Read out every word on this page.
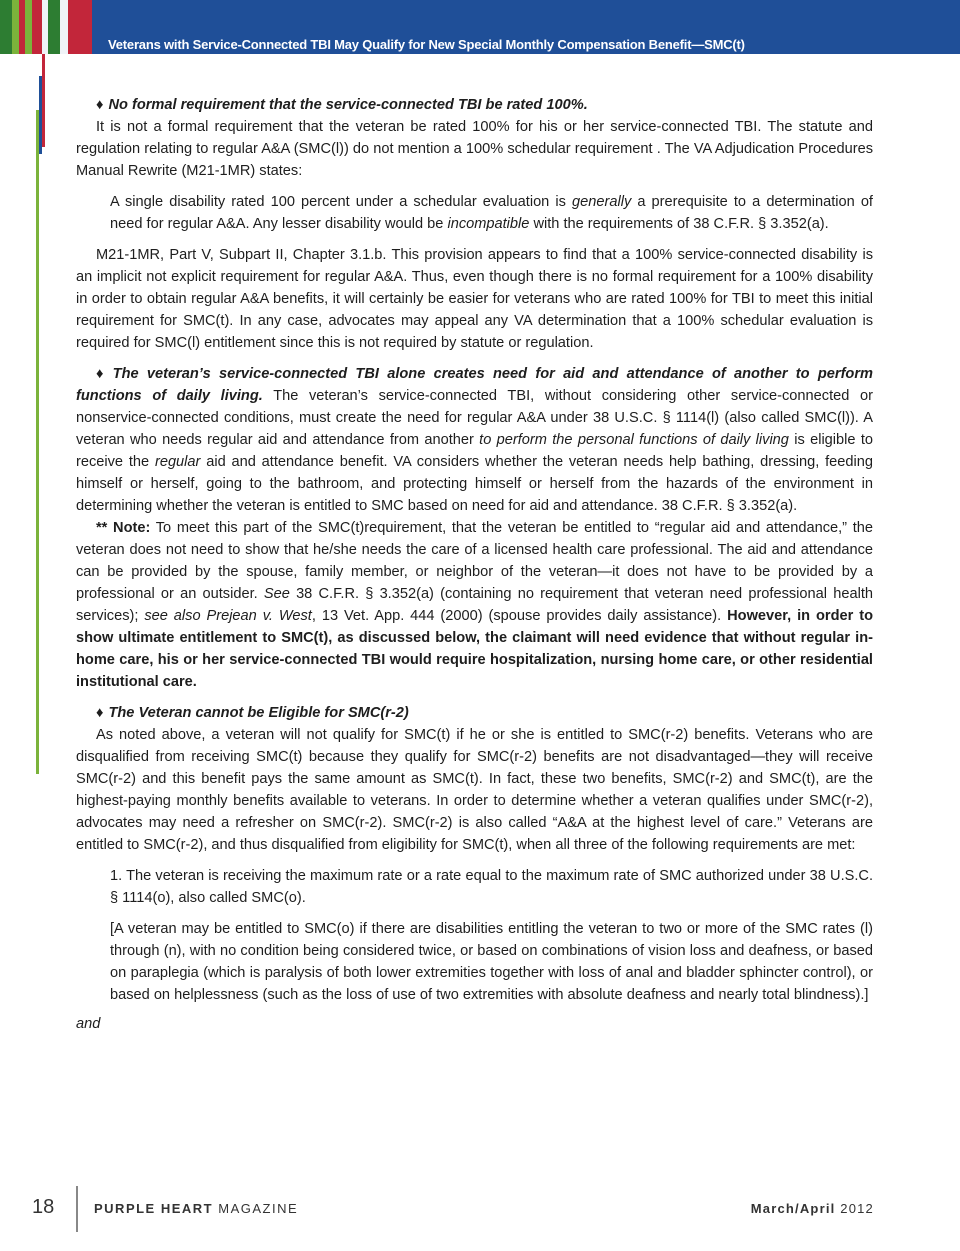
Veterans with Service-Connected TBI May Qualify for New Special Monthly Compensation Benefit—SMC(t)

♦ No formal requirement that the service-connected TBI be rated 100%.

It is not a formal requirement that the veteran be rated 100% for his or her service-connected TBI. The statute and regulation relating to regular A&A (SMC(l)) do not mention a 100% schedular requirement . The VA Adjudication Procedures Manual Rewrite (M21-1MR) states:

A single disability rated 100 percent under a schedular evaluation is generally a prerequisite to a determination of need for regular A&A. Any lesser disability would be incompatible with the requirements of 38 C.F.R. § 3.352(a).

M21-1MR, Part V, Subpart II, Chapter 3.1.b. This provision appears to find that a 100% service-connected disability is an implicit not explicit requirement for regular A&A. Thus, even though there is no formal requirement for a 100% disability in order to obtain regular A&A benefits, it will certainly be easier for veterans who are rated 100% for TBI to meet this initial requirement for SMC(t). In any case, advocates may appeal any VA determination that a 100% schedular evaluation is required for SMC(l) entitlement since this is not required by statute or regulation.

♦ The veteran’s service-connected TBI alone creates need for aid and attendance of another to perform functions of daily living. The veteran’s service-connected TBI, without considering other service-connected or nonservice-connected conditions, must create the need for regular A&A under 38 U.S.C. § 1114(l) (also called SMC(l)). A veteran who needs regular aid and attendance from another to perform the personal functions of daily living is eligible to receive the regular aid and attendance benefit. VA considers whether the veteran needs help bathing, dressing, feeding himself or herself, going to the bathroom, and protecting himself or herself from the hazards of the environment in determining whether the veteran is entitled to SMC based on need for aid and attendance. 38 C.F.R. § 3.352(a).

** Note: To meet this part of the SMC(t)requirement, that the veteran be entitled to “regular aid and attendance,” the veteran does not need to show that he/she needs the care of a licensed health care professional. The aid and attendance can be provided by the spouse, family member, or neighbor of the veteran—it does not have to be provided by a professional or an outsider. See 38 C.F.R. § 3.352(a) (containing no requirement that veteran need professional health services); see also Prejean v. West, 13 Vet. App. 444 (2000) (spouse provides daily assistance). However, in order to show ultimate entitlement to SMC(t), as discussed below, the claimant will need evidence that without regular in-home care, his or her service-connected TBI would require hospitalization, nursing home care, or other residential institutional care.

♦ The Veteran cannot be Eligible for SMC(r-2)

As noted above, a veteran will not qualify for SMC(t) if he or she is entitled to SMC(r-2) benefits. Veterans who are disqualified from receiving SMC(t) because they qualify for SMC(r-2) benefits are not disadvantaged—they will receive SMC(r-2) and this benefit pays the same amount as SMC(t). In fact, these two benefits, SMC(r-2) and SMC(t), are the highest-paying monthly benefits available to veterans. In order to determine whether a veteran qualifies under SMC(r-2), advocates may need a refresher on SMC(r-2). SMC(r-2) is also called “A&A at the highest level of care.” Veterans are entitled to SMC(r-2), and thus disqualified from eligibility for SMC(t), when all three of the following requirements are met:

1. The veteran is receiving the maximum rate or a rate equal to the maximum rate of SMC authorized under 38 U.S.C. § 1114(o), also called SMC(o).

[A veteran may be entitled to SMC(o) if there are disabilities entitling the veteran to two or more of the SMC rates (l) through (n), with no condition being considered twice, or based on combinations of vision loss and deafness, or based on paraplegia (which is paralysis of both lower extremities together with loss of anal and bladder sphincter control), or based on helplessness (such as the loss of use of two extremities with absolute deafness and nearly total blindness).]

and

18	PURPLE HEART MAGAZINE	March/April 2012
